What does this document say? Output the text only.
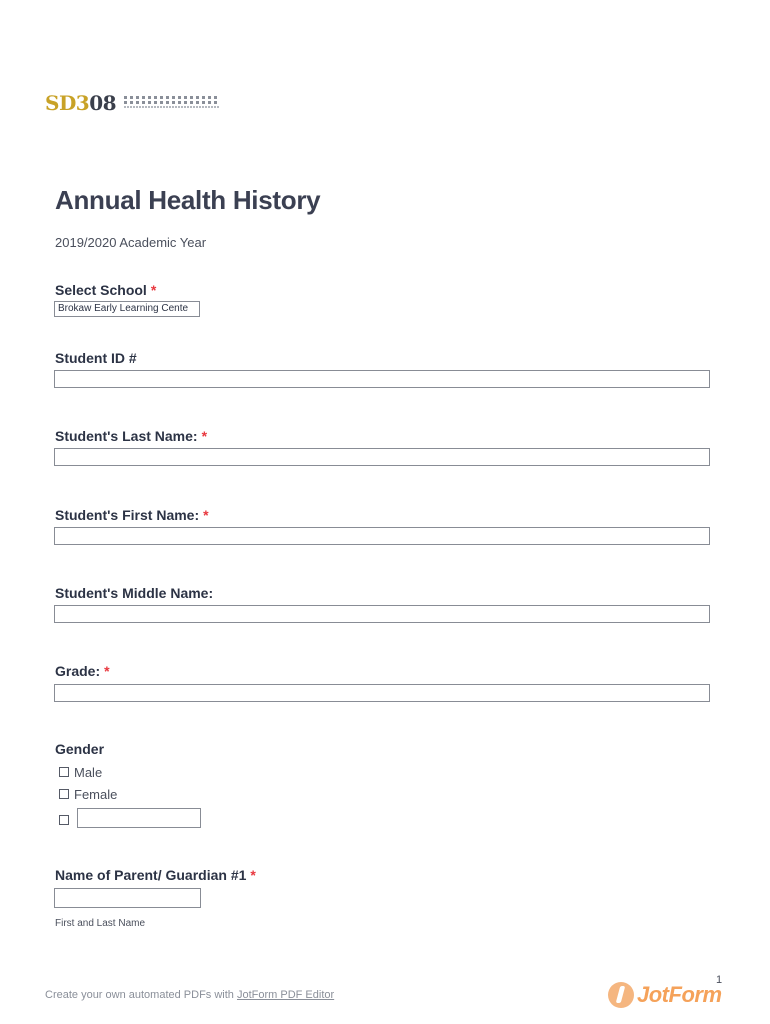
SD308
Annual Health History
2019/2020 Academic Year
Select School *
Brokaw Early Learning Cente
Student ID #
Student's Last Name: *
Student's First Name: *
Student's Middle Name:
Grade: *
Gender
Male
Female
Name of Parent/ Guardian #1 *
First and Last Name
1
Create your own automated PDFs with JotForm PDF Editor	JotForm
